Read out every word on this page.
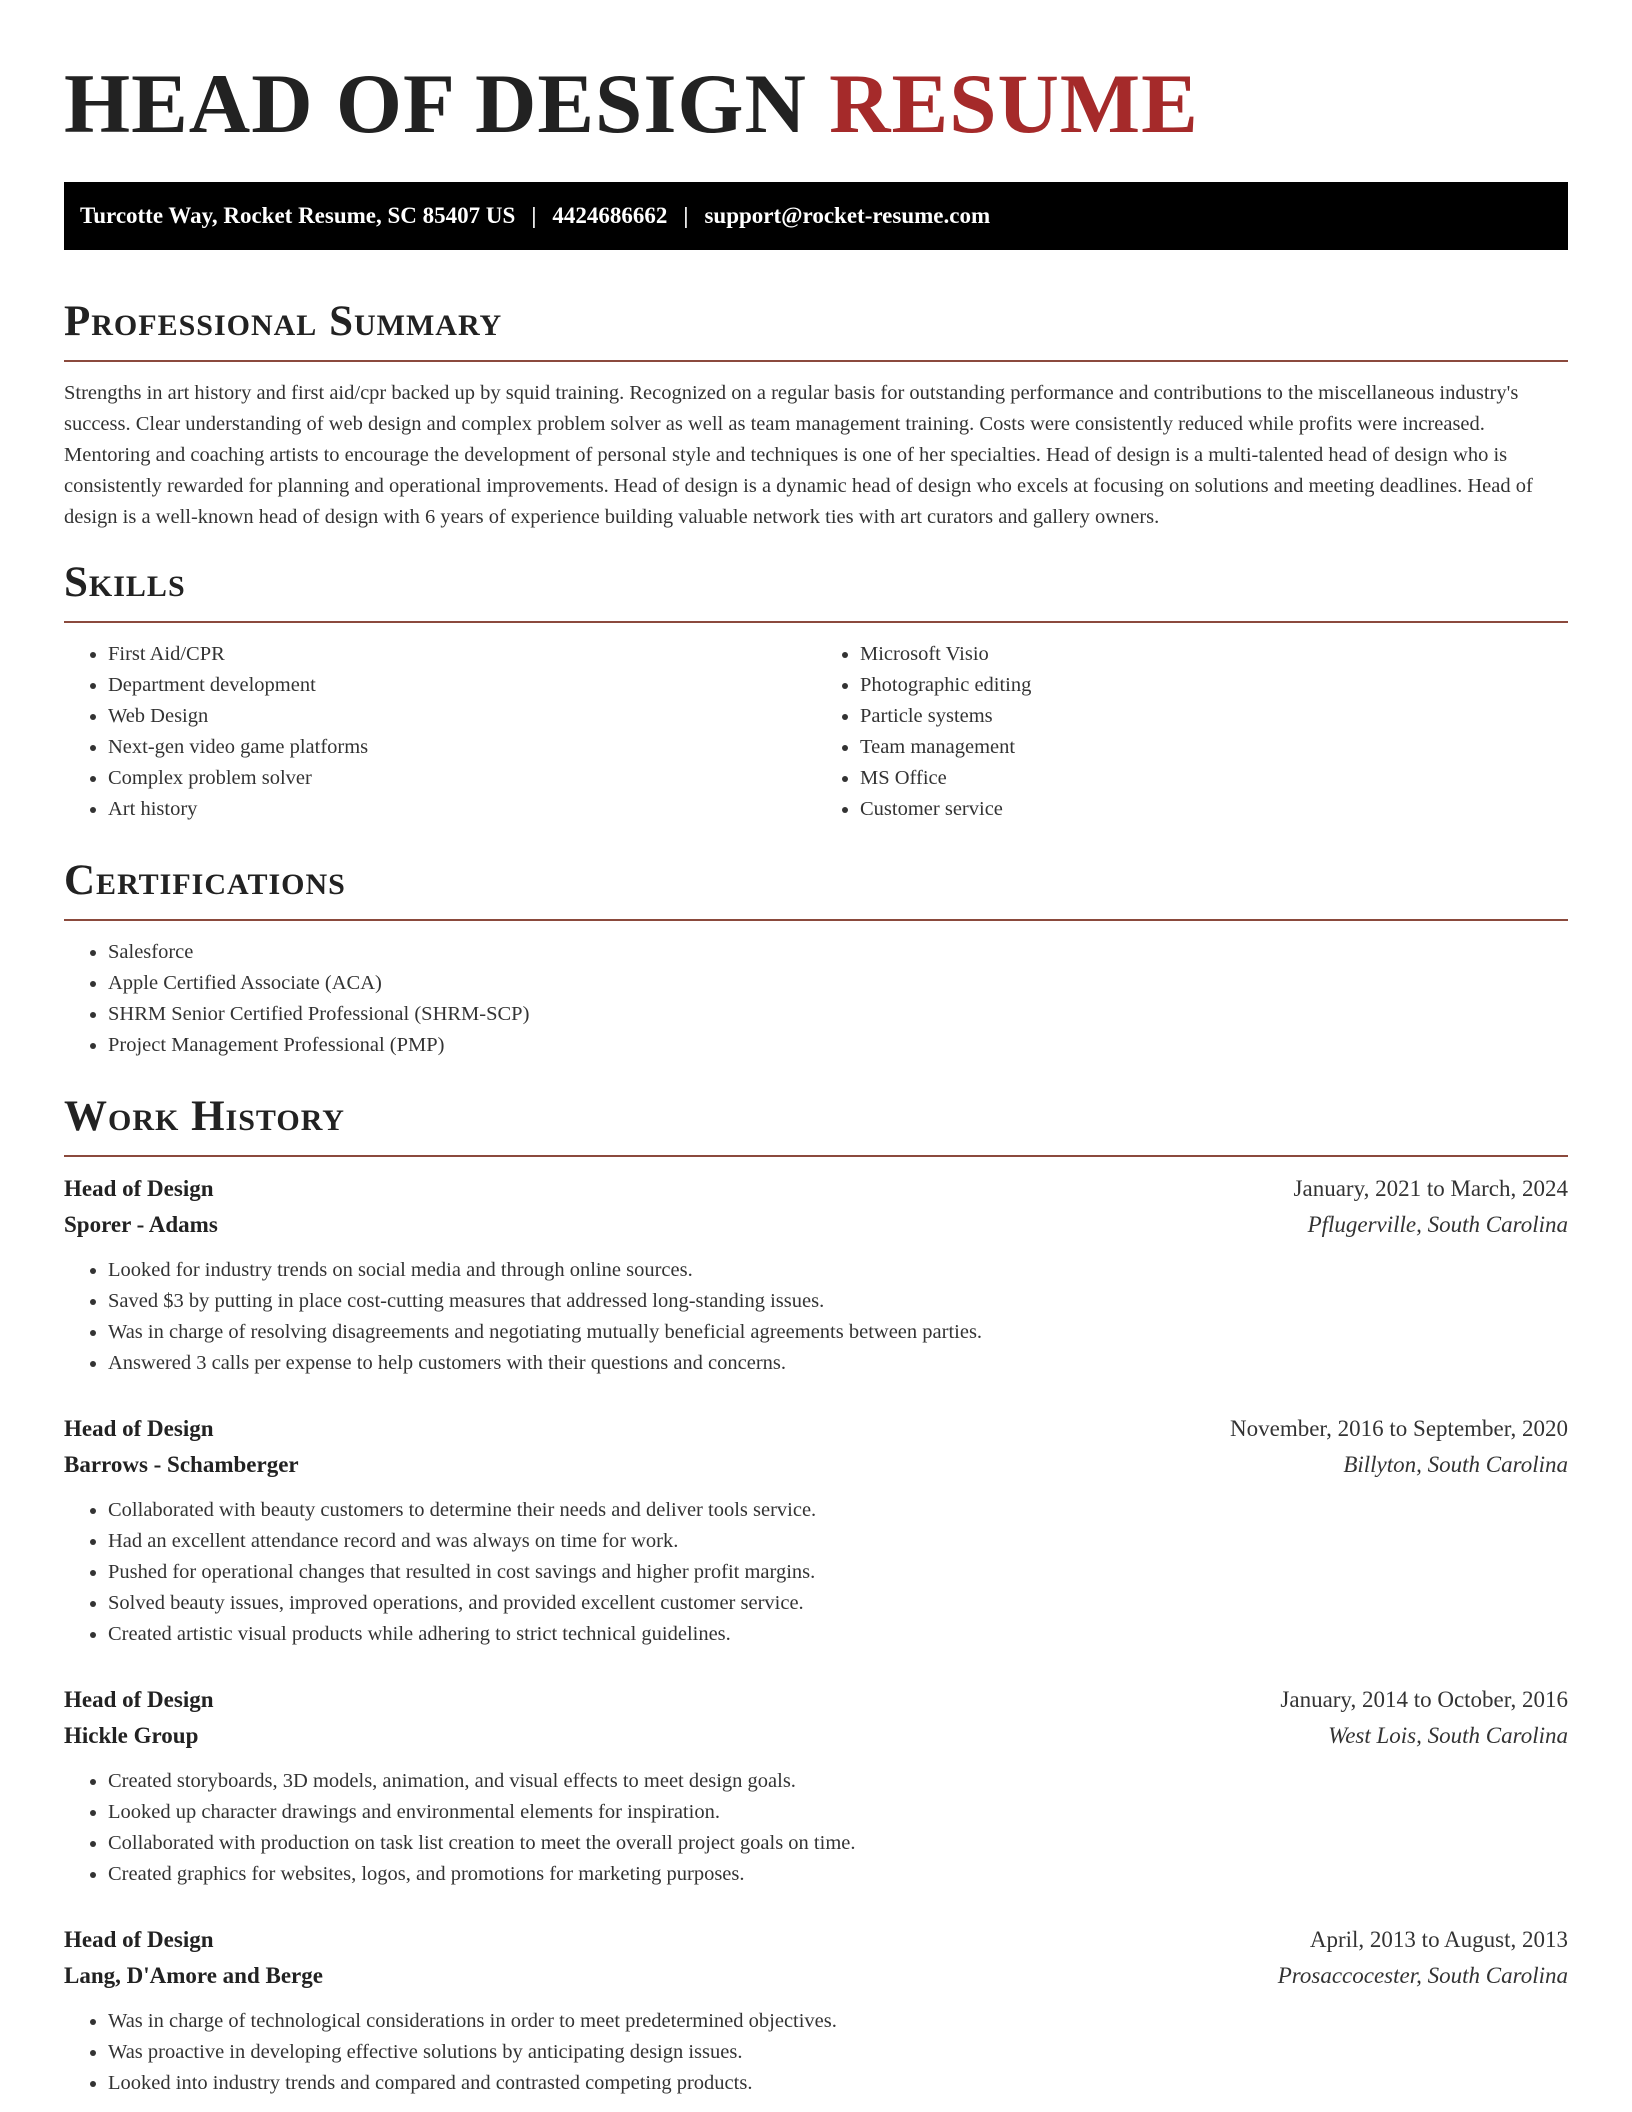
HEAD OF DESIGN RESUME
Turcotte Way, Rocket Resume, SC 85407 US | 4424686662 | support@rocket-resume.com
Professional Summary

Strengths in art history and first aid/cpr backed up by squid training. Recognized on a regular basis for outstanding performance and contributions to the miscellaneous industry's success. Clear understanding of web design and complex problem solver as well as team management training. Costs were consistently reduced while profits were increased. Mentoring and coaching artists to encourage the development of personal style and techniques is one of her specialties. Head of design is a multi-talented head of design who is consistently rewarded for planning and operational improvements. Head of design is a dynamic head of design who excels at focusing on solutions and meeting deadlines. Head of design is a well-known head of design with 6 years of experience building valuable network ties with art curators and gallery owners.

Skills
• First Aid/CPR
• Department development
• Web Design
• Next-gen video game platforms
• Complex problem solver
• Art history
• Microsoft Visio
• Photographic editing
• Particle systems
• Team management
• MS Office
• Customer service
Certifications
• Salesforce
• Apple Certified Associate (ACA)
• SHRM Senior Certified Professional (SHRM-SCP)
• Project Management Professional (PMP)
Work History
Head of Design	January, 2021 to March, 2024
Sporer - Adams	Pflugerville, South Carolina
• Looked for industry trends on social media and through online sources.
• Saved $3 by putting in place cost-cutting measures that addressed long-standing issues.
• Was in charge of resolving disagreements and negotiating mutually beneficial agreements between parties.
• Answered 3 calls per expense to help customers with their questions and concerns.
Head of Design	November, 2016 to September, 2020
Barrows - Schamberger	Billyton, South Carolina
• Collaborated with beauty customers to determine their needs and deliver tools service.
• Had an excellent attendance record and was always on time for work.
• Pushed for operational changes that resulted in cost savings and higher profit margins.
• Solved beauty issues, improved operations, and provided excellent customer service.
• Created artistic visual products while adhering to strict technical guidelines.
Head of Design	January, 2014 to October, 2016
Hickle Group	West Lois, South Carolina
• Created storyboards, 3D models, animation, and visual effects to meet design goals.
• Looked up character drawings and environmental elements for inspiration.
• Collaborated with production on task list creation to meet the overall project goals on time.
• Created graphics for websites, logos, and promotions for marketing purposes.
Head of Design	April, 2013 to August, 2013
Lang, D'Amore and Berge	Prosaccocester, South Carolina
• Was in charge of technological considerations in order to meet predetermined objectives.
• Was proactive in developing effective solutions by anticipating design issues.
• Looked into industry trends and compared and contrasted competing products.
